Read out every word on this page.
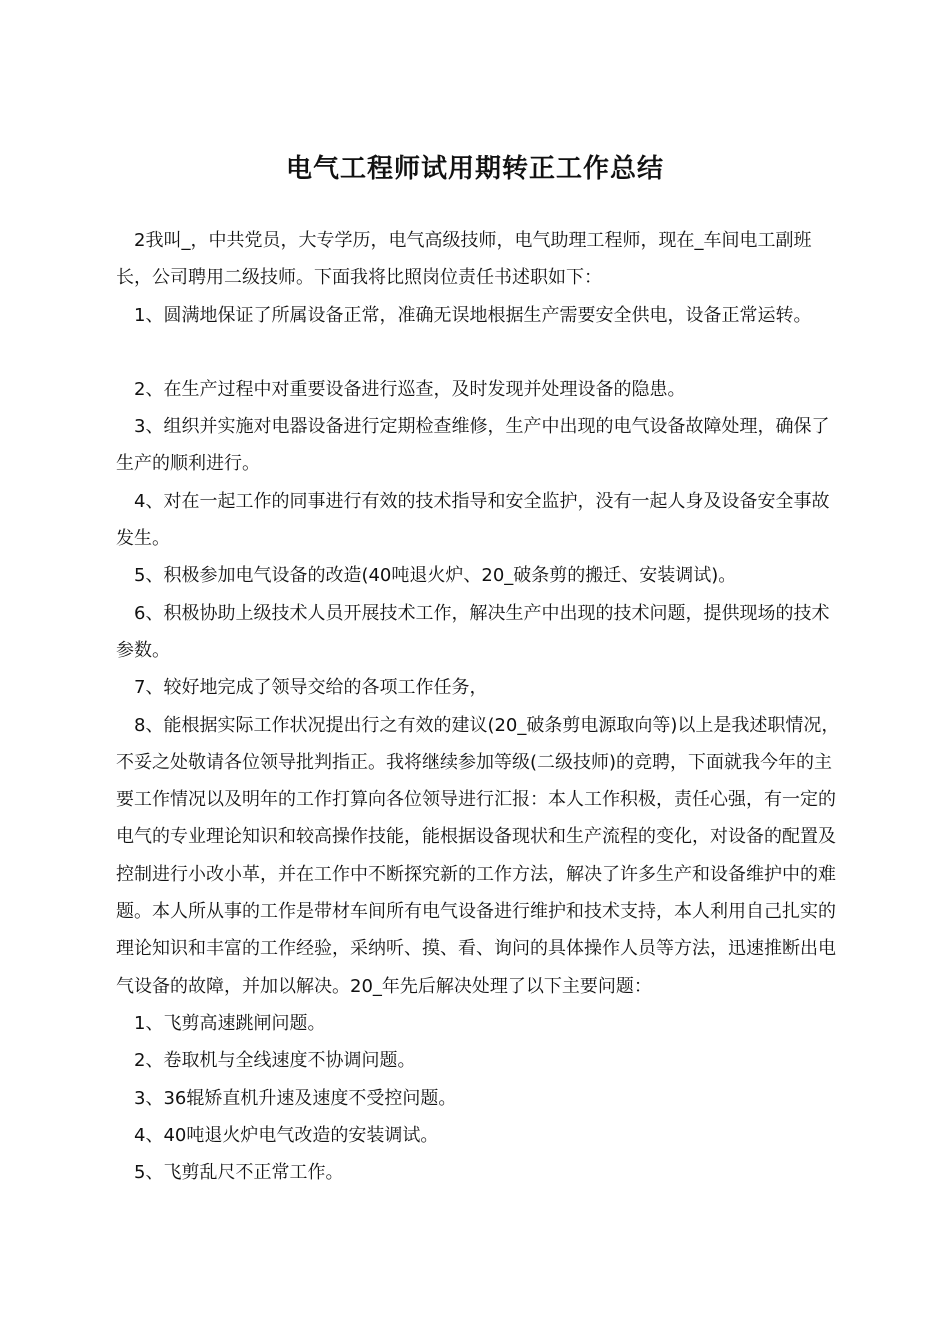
电气工程师试用期转正工作总结

2我叫_，中共党员，大专学历，电气高级技师，电气助理工程师，现在_车间电工副班长，公司聘用二级技师。下面我将比照岗位责任书述职如下：

1、圆满地保证了所属设备正常，准确无误地根据生产需要安全供电，设备正常运转。

2、在生产过程中对重要设备进行巡查，及时发现并处理设备的隐患。

3、组织并实施对电器设备进行定期检查维修，生产中出现的电气设备故障处理，确保了生产的顺利进行。

4、对在一起工作的同事进行有效的技术指导和安全监护，没有一起人身及设备安全事故发生。

5、积极参加电气设备的改造(40吨退火炉、20_破条剪的搬迁、安装调试)。

6、积极协助上级技术人员开展技术工作，解决生产中出现的技术问题，提供现场的技术参数。

7、较好地完成了领导交给的各项工作任务，

8、能根据实际工作状况提出行之有效的建议(20_破条剪电源取向等)以上是我述职情况，不妥之处敬请各位领导批判指正。我将继续参加等级(二级技师)的竞聘，下面就我今年的主要工作情况以及明年的工作打算向各位领导进行汇报：本人工作积极，责任心强，有一定的电气的专业理论知识和较高操作技能，能根据设备现状和生产流程的变化，对设备的配置及控制进行小改小革，并在工作中不断探究新的工作方法，解决了许多生产和设备维护中的难题。本人所从事的工作是带材车间所有电气设备进行维护和技术支持，本人利用自己扎实的理论知识和丰富的工作经验，采纳听、摸、看、询问的具体操作人员等方法，迅速推断出电气设备的故障，并加以解决。20_年先后解决处理了以下主要问题：

1、飞剪高速跳闸问题。

2、卷取机与全线速度不协调问题。

3、36辊矫直机升速及速度不受控问题。

4、40吨退火炉电气改造的安装调试。

5、飞剪乱尺不正常工作。
